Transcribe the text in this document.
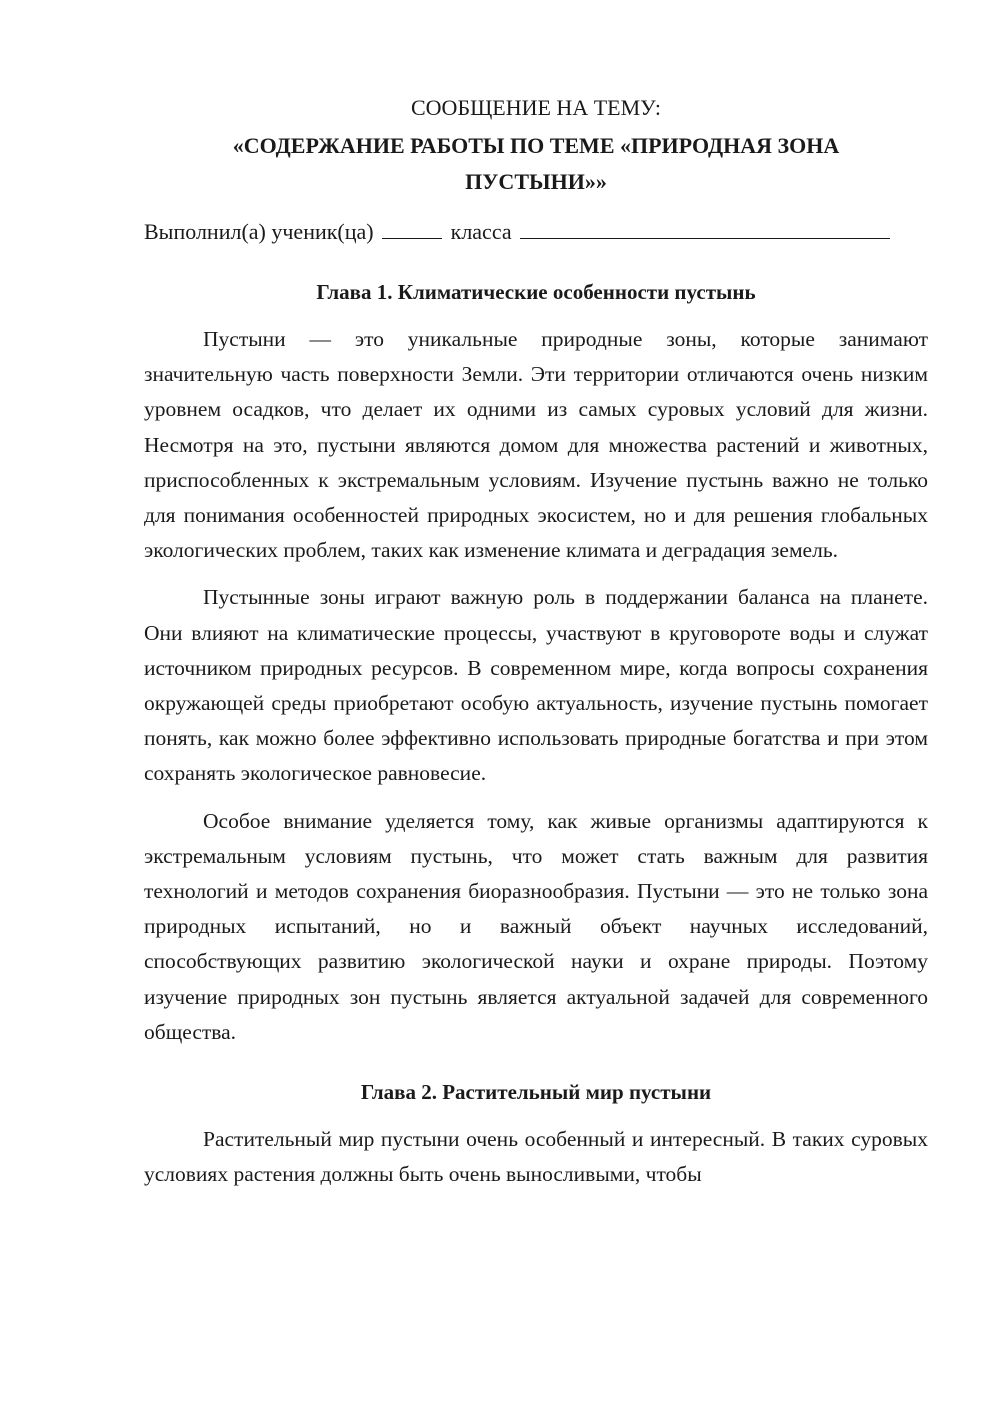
СООБЩЕНИЕ НА ТЕМУ:

«СОДЕРЖАНИЕ РАБОТЫ ПО ТЕМЕ «ПРИРОДНАЯ ЗОНА ПУСТЫНИ»»

Выполнил(а) ученик(ца)	класса
Глава 1. Климатические особенности пустынь

Пустыни — это уникальные природные зоны, которые занимают значительную часть поверхности Земли. Эти территории отличаются очень низким уровнем осадков, что делает их одними из самых суровых условий для жизни. Несмотря на это, пустыни являются домом для множества растений и животных, приспособленных к экстремальным условиям. Изучение пустынь важно не только для понимания особенностей природных экосистем, но и для решения глобальных экологических проблем, таких как изменение климата и деградация земель.

Пустынные зоны играют важную роль в поддержании баланса на планете. Они влияют на климатические процессы, участвуют в круговороте воды и служат источником природных ресурсов. В современном мире, когда вопросы сохранения окружающей среды приобретают особую актуальность, изучение пустынь помогает понять, как можно более эффективно использовать природные богатства и при этом сохранять экологическое равновесие.

Особое внимание уделяется тому, как живые организмы адаптируются к экстремальным условиям пустынь, что может стать важным для развития технологий и методов сохранения биоразнообразия. Пустыни — это не только зона природных испытаний, но и важный объект научных исследований, способствующих развитию экологической науки и охране природы. Поэтому изучение природных зон пустынь является актуальной задачей для современного общества.

Глава 2. Растительный мир пустыни

Растительный мир пустыни очень особенный и интересный. В таких суровых условиях растения должны быть очень выносливыми, чтобы
